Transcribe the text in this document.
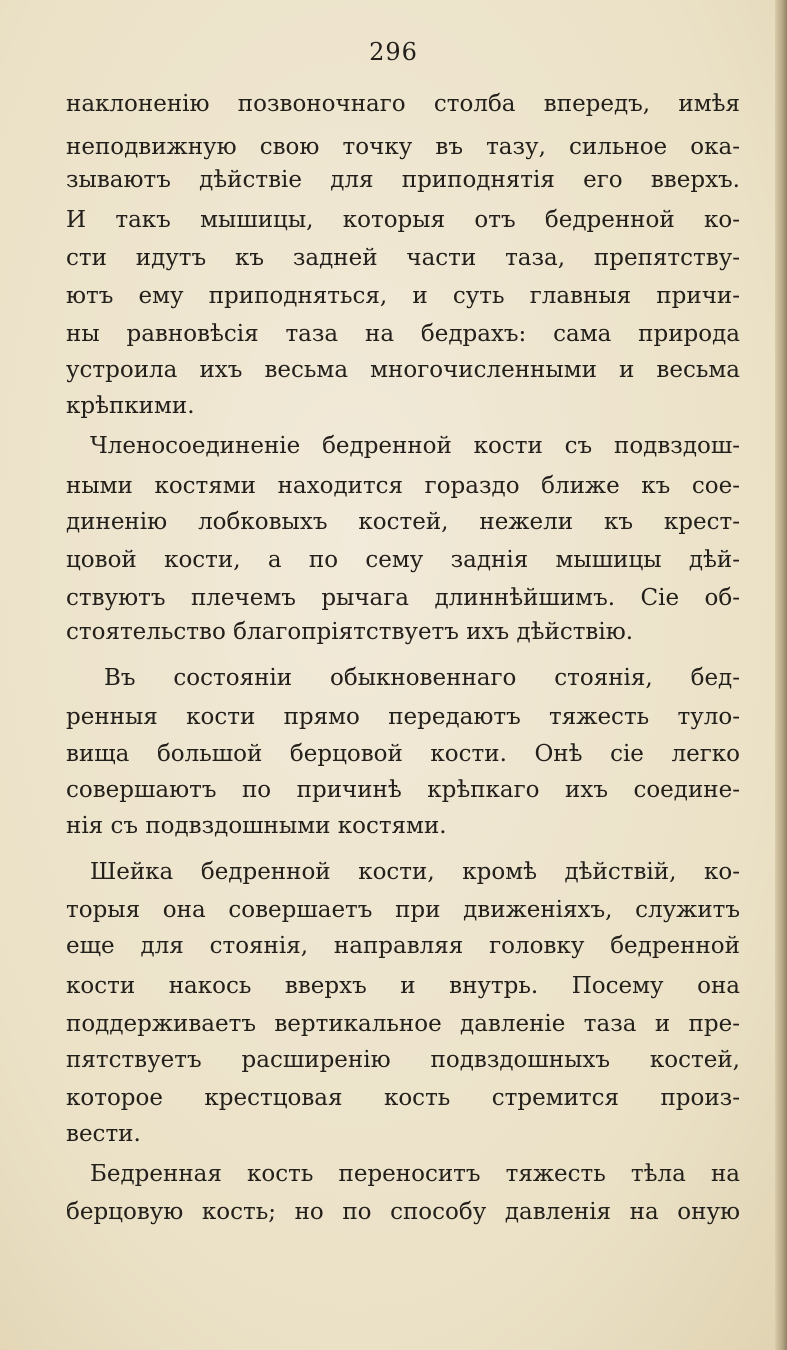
296
наклоненію позвоночнаго столба впередъ, имѣя
неподвижную свою точку въ тазу, сильное ока-
зываютъ дѣйствіе для приподнятія его вверхъ.
И такъ мышицы, которыя отъ бедренной ко-
сти идутъ къ задней части таза, препятству-
ютъ ему приподняться, и суть главныя причи-
ны равновѣсія таза на бедрахъ: сама природа
устроила ихъ весьма многочисленными и весьма
крѣпкими.
Членосоединеніе бедренной кости съ подвздош-
ными костями находится гораздо ближе къ сое-
диненію лобковыхъ костей, нежели къ крест-
цовой кости, а по сему заднія мышицы дѣй-
ствуютъ плечемъ рычага длиннѣйшимъ. Сіе об-
стоятельство благопріятствуетъ ихъ дѣйствію.
Въ состояніи обыкновеннаго стоянія, бед-
ренныя кости прямо передаютъ тяжесть туло-
вища большой берцовой кости. Онѣ сіе легко
совершаютъ по причинѣ крѣпкаго ихъ соедине-
нія съ подвздошными костями.
Шейка бедренной кости, кромѣ дѣйствій, ко-
торыя она совершаетъ при движеніяхъ, служитъ
еще для стоянія, направляя головку бедренной
кости накось вверхъ и внутрь. Посему она
поддерживаетъ вертикальное давленіе таза и пре-
пятствуетъ расширенію подвздошныхъ костей,
которое крестцовая кость стремится произ-
вести.
Бедренная кость переноситъ тяжесть тѣла на
берцовую кость; но по способу давленія на оную
